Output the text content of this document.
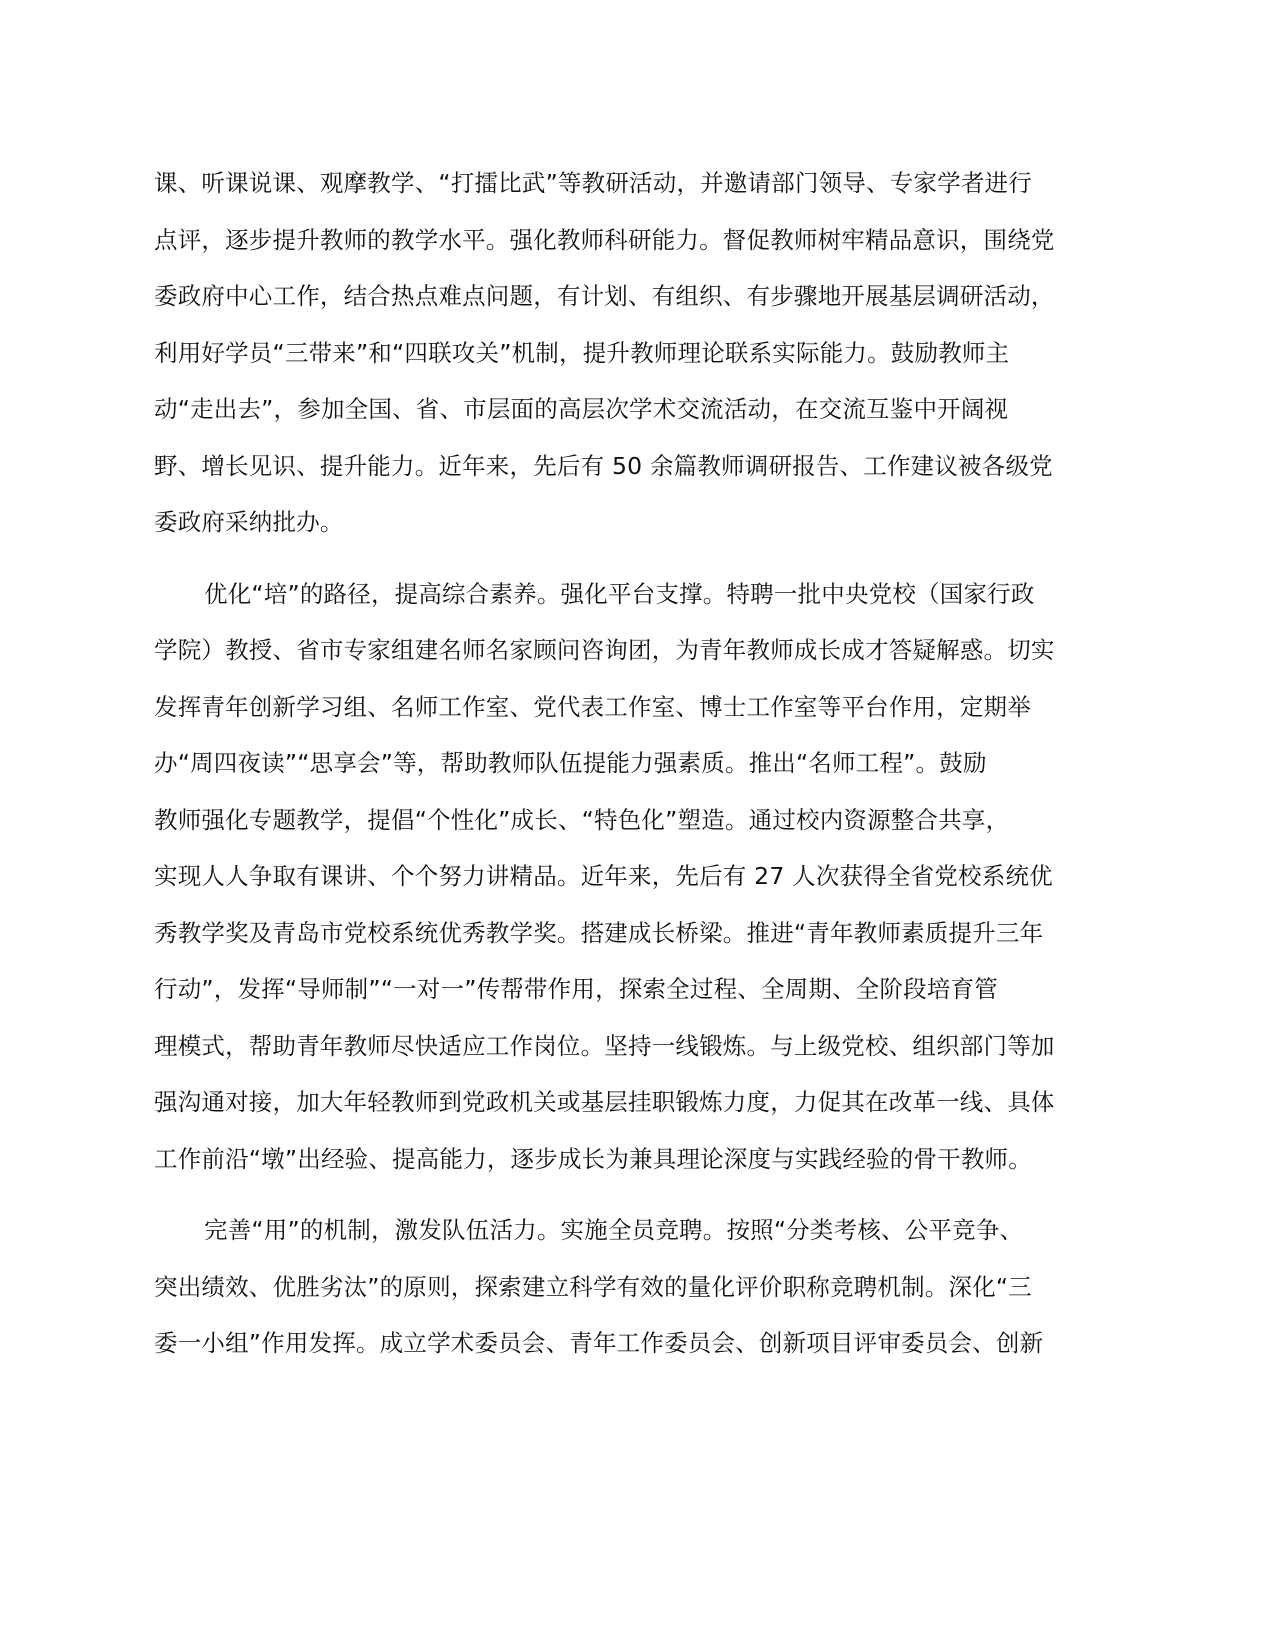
课、听课说课、观摩教学、“打擂比武”等教研活动，并邀请部门领导、专家学者进行
点评，逐步提升教师的教学水平。强化教师科研能力。督促教师树牢精品意识，围绕党
委政府中心工作，结合热点难点问题，有计划、有组织、有步骤地开展基层调研活动，
利用好学员“三带来”和“四联攻关”机制，提升教师理论联系实际能力。鼓励教师主
动“走出去”，参加全国、省、市层面的高层次学术交流活动，在交流互鉴中开阔视
野、增长见识、提升能力。近年来，先后有 50 余篇教师调研报告、工作建议被各级党
委政府采纳批办。

优化“培”的路径，提高综合素养。强化平台支撑。特聘一批中央党校（国家行政
学院）教授、省市专家组建名师名家顾问咨询团，为青年教师成长成才答疑解惑。切实
发挥青年创新学习组、名师工作室、党代表工作室、博士工作室等平台作用，定期举
办“周四夜读”“思享会”等，帮助教师队伍提能力强素质。推出“名师工程”。鼓励
教师强化专题教学，提倡“个性化”成长、“特色化”塑造。通过校内资源整合共享，
实现人人争取有课讲、个个努力讲精品。近年来，先后有 27 人次获得全省党校系统优
秀教学奖及青岛市党校系统优秀教学奖。搭建成长桥梁。推进“青年教师素质提升三年
行动”，发挥“导师制”“一对一”传帮带作用，探索全过程、全周期、全阶段培育管
理模式，帮助青年教师尽快适应工作岗位。坚持一线锻炼。与上级党校、组织部门等加
强沟通对接，加大年轻教师到党政机关或基层挂职锻炼力度，力促其在改革一线、具体
工作前沿“墩”出经验、提高能力，逐步成长为兼具理论深度与实践经验的骨干教师。

完善“用”的机制，激发队伍活力。实施全员竞聘。按照“分类考核、公平竞争、
突出绩效、优胜劣汰”的原则，探索建立科学有效的量化评价职称竞聘机制。深化“三
委一小组”作用发挥。成立学术委员会、青年工作委员会、创新项目评审委员会、创新
